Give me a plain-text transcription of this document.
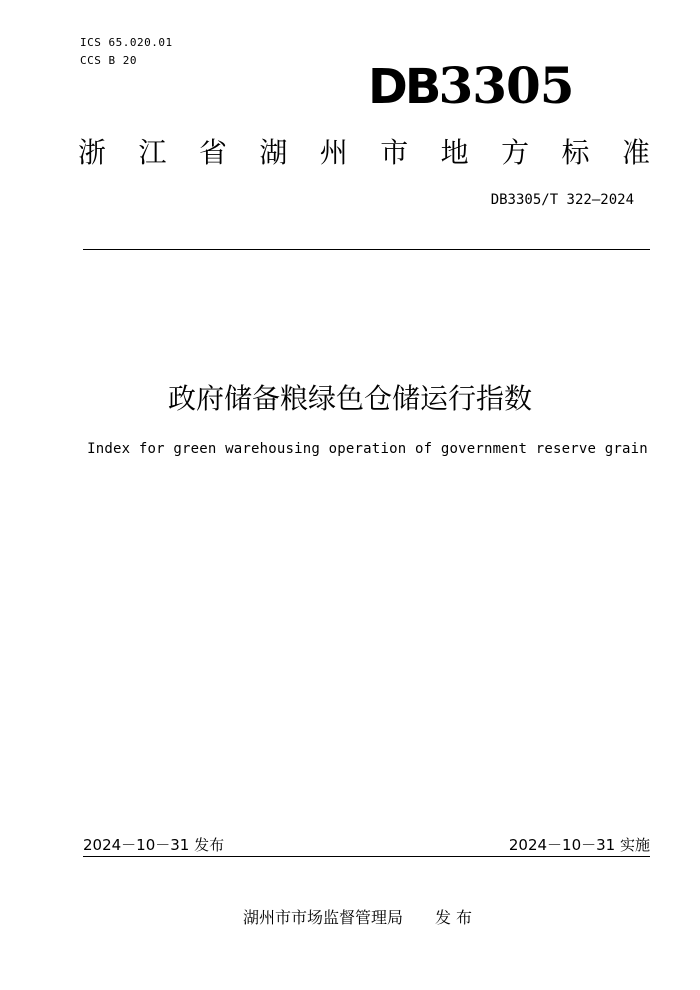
ICS 65.020.01
CCS B 20	DB3305
浙 江 省 湖 州 市 地 方 标 准
DB3305/T 322—2024
政府储备粮绿色仓储运行指数
Index for green warehousing operation of government reserve grain
2024－10－31 发布	2024－10－31 实施
湖州市市场监督管理局 发 布
